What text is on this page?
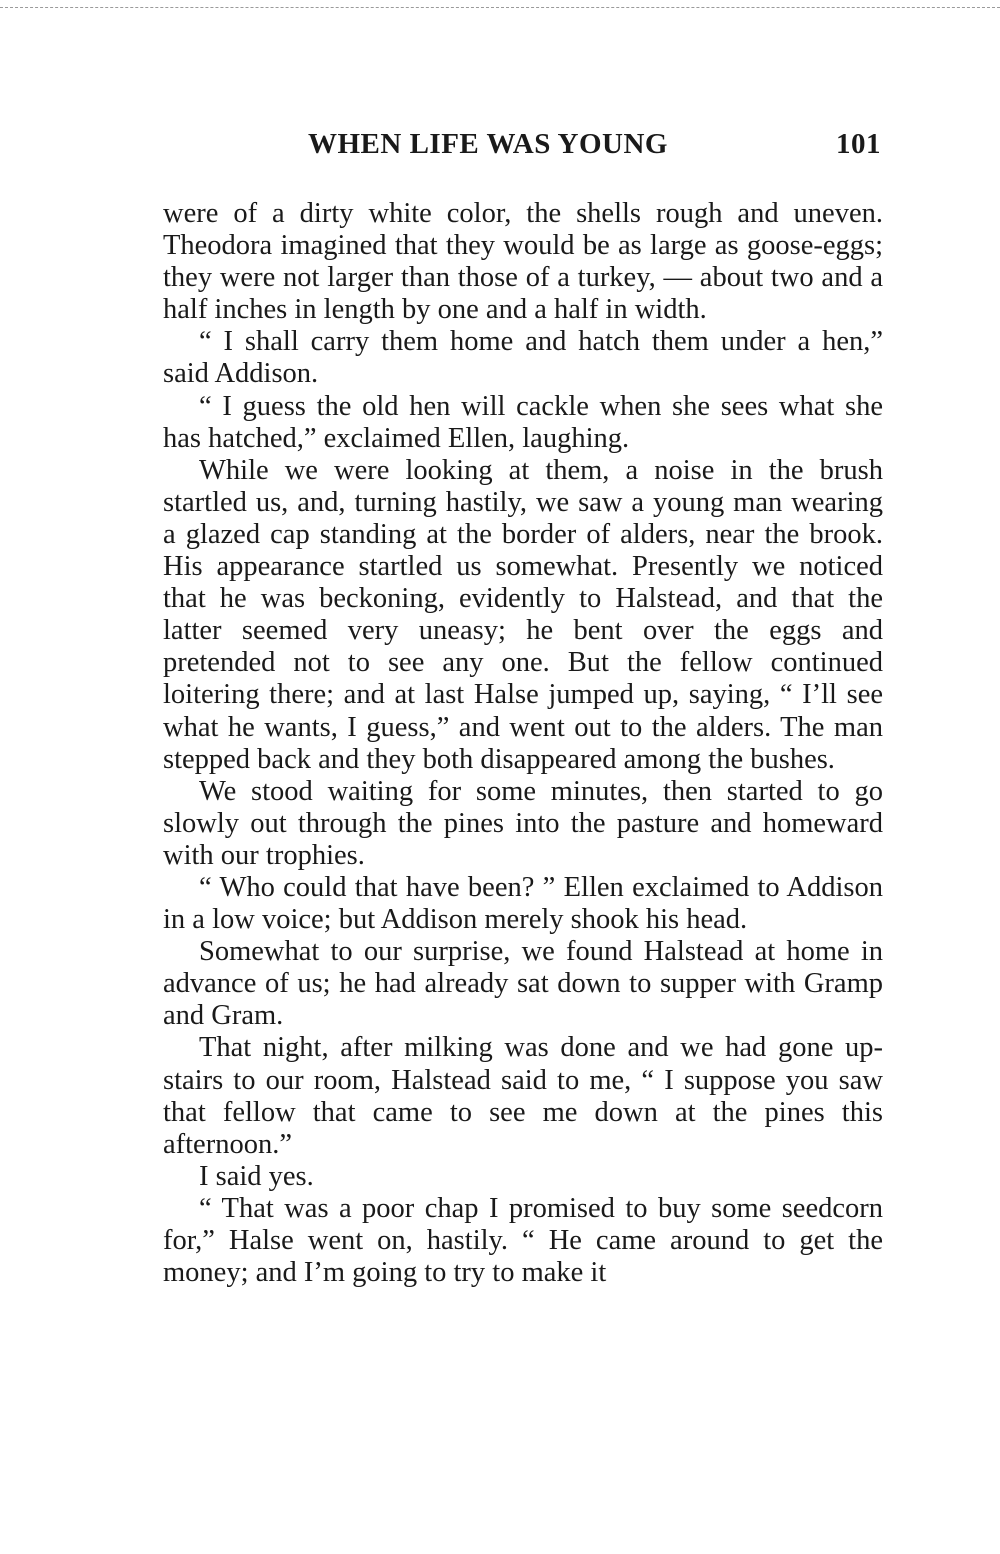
WHEN LIFE WAS YOUNG	101

were of a dirty white color, the shells rough and uneven. Theodora imagined that they would be as large as goose-eggs; they were not larger than those of a turkey, — about two and a half inches in length by one and a half in width.

“ I shall carry them home and hatch them under a hen,” said Addison.

“ I guess the old hen will cackle when she sees what she has hatched,” exclaimed Ellen, laughing.

While we were looking at them, a noise in the brush startled us, and, turning hastily, we saw a young man wearing a glazed cap standing at the border of alders, near the brook. His appearance startled us somewhat. Presently we noticed that he was beckoning, evidently to Halstead, and that the latter seemed very uneasy; he bent over the eggs and pretended not to see any one. But the fellow continued loitering there; and at last Halse jumped up, saying, “ I’ll see what he wants, I guess,” and went out to the alders. The man stepped back and they both disappeared among the bushes.

We stood waiting for some minutes, then started to go slowly out through the pines into the pasture and homeward with our trophies.

“ Who could that have been? ” Ellen exclaimed to Addison in a low voice; but Addison merely shook his head.

Somewhat to our surprise, we found Halstead at home in advance of us; he had already sat down to supper with Gramp and Gram.

That night, after milking was done and we had gone up-stairs to our room, Halstead said to me, “ I suppose you saw that fellow that came to see me down at the pines this afternoon.”

I said yes.

“ That was a poor chap I promised to buy some seedcorn for,” Halse went on, hastily. “ He came around to get the money; and I’m going to try to make it
